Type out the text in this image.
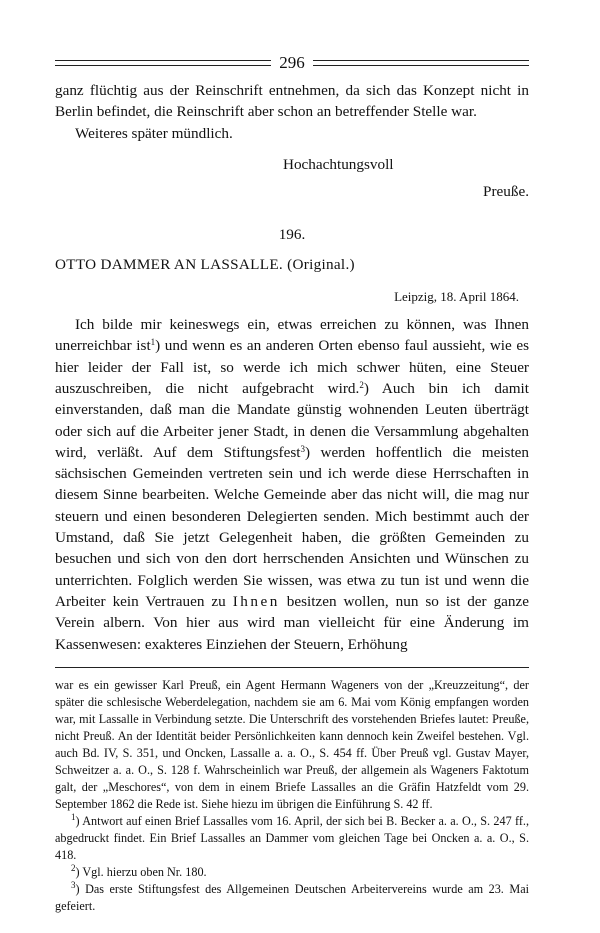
296

ganz flüchtig aus der Reinschrift entnehmen, da sich das Konzept nicht in Berlin befindet, die Reinschrift aber schon an betreffender Stelle war.

Weiteres später mündlich.

Hochachtungsvoll

Preuße.

196.
OTTO DAMMER AN LASSALLE. (Original.)
Leipzig, 18. April 1864.

Ich bilde mir keineswegs ein, etwas erreichen zu können, was Ihnen unerreichbar ist$^1$) und wenn es an anderen Orten ebenso faul aussieht, wie es hier leider der Fall ist, so werde ich mich schwer hüten, eine Steuer auszuschreiben, die nicht aufgebracht wird.$^2$) Auch bin ich damit einverstanden, daß man die Mandate günstig wohnenden Leuten überträgt oder sich auf die Arbeiter jener Stadt, in denen die Versammlung abgehalten wird, verläßt. Auf dem Stiftungsfest$^3$) werden hoffentlich die meisten sächsischen Gemeinden vertreten sein und ich werde diese Herrschaften in diesem Sinne bearbeiten. Welche Gemeinde aber das nicht will, die mag nur steuern und einen besonderen Delegierten senden. Mich bestimmt auch der Umstand, daß Sie jetzt Gelegenheit haben, die größten Gemeinden zu besuchen und sich von den dort herrschenden Ansichten und Wünschen zu unterrichten. Folglich werden Sie wissen, was etwa zu tun ist und wenn die Arbeiter kein Vertrauen zu Ihnen besitzen wollen, nun so ist der ganze Verein albern. Von hier aus wird man vielleicht für eine Änderung im Kassenwesen: exakteres Einziehen der Steuern, Erhöhung

war es ein gewisser Karl Preuß, ein Agent Hermann Wageners von der „Kreuzzeitung“, der später die schlesische Weberdelegation, nachdem sie am 6. Mai vom König empfangen worden war, mit Lassalle in Verbindung setzte. Die Unterschrift des vorstehenden Briefes lautet: Preuße, nicht Preuß. An der Identität beider Persönlichkeiten kann dennoch kein Zweifel bestehen. Vgl. auch Bd. IV, S. 351, und Oncken, Lassalle a. a. O., S. 454 ff. Über Preuß vgl. Gustav Mayer, Schweitzer a. a. O., S. 128 f. Wahrscheinlich war Preuß, der allgemein als Wageners Faktotum galt, der „Meschores“, von dem in einem Briefe Lassalles an die Gräfin Hatzfeldt vom 29. September 1862 die Rede ist. Siehe hiezu im übrigen die Einführung S. 42 ff.

$^1$) Antwort auf einen Brief Lassalles vom 16. April, der sich bei B. Becker a. a. O., S. 247 ff., abgedruckt findet. Ein Brief Lassalles an Dammer vom gleichen Tage bei Oncken a. a. O., S. 418.

$^2$) Vgl. hierzu oben Nr. 180.

$^3$) Das erste Stiftungsfest des Allgemeinen Deutschen Arbeitervereins wurde am 23. Mai gefeiert.
